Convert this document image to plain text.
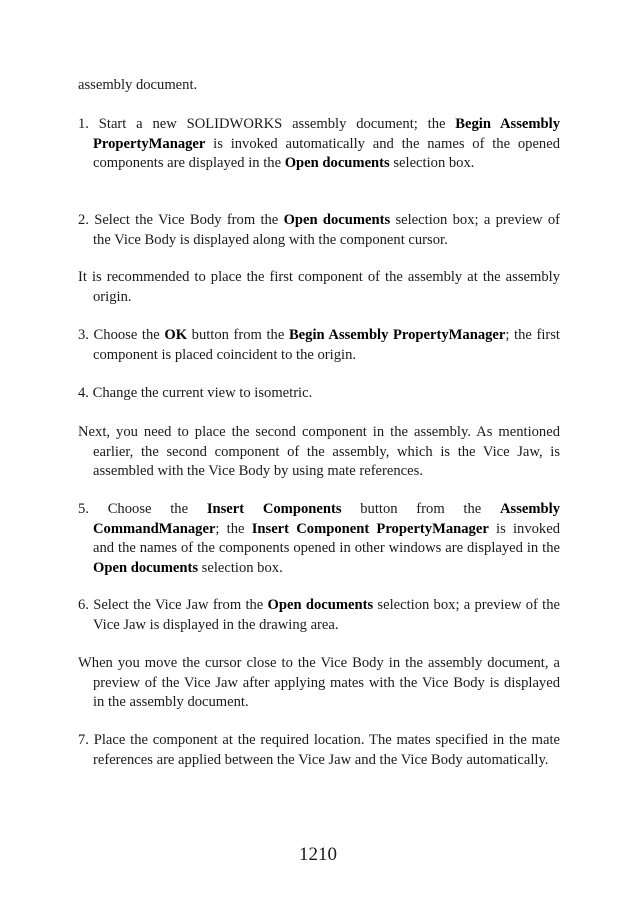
assembly document.

1. Start a new SOLIDWORKS assembly document; the Begin Assembly PropertyManager is invoked automatically and the names of the opened components are displayed in the Open documents selection box.

2. Select the Vice Body from the Open documents selection box; a preview of the Vice Body is displayed along with the component cursor.

It is recommended to place the first component of the assembly at the assembly origin.

3. Choose the OK button from the Begin Assembly PropertyManager; the first component is placed coincident to the origin.

4. Change the current view to isometric.

Next, you need to place the second component in the assembly. As mentioned earlier, the second component of the assembly, which is the Vice Jaw, is assembled with the Vice Body by using mate references.

5. Choose the Insert Components button from the Assembly CommandManager; the Insert Component PropertyManager is invoked and the names of the components opened in other windows are displayed in the Open documents selection box.

6. Select the Vice Jaw from the Open documents selection box; a preview of the Vice Jaw is displayed in the drawing area.

When you move the cursor close to the Vice Body in the assembly document, a preview of the Vice Jaw after applying mates with the Vice Body is displayed in the assembly document.

7. Place the component at the required location. The mates specified in the mate references are applied between the Vice Jaw and the Vice Body automatically.

1210
